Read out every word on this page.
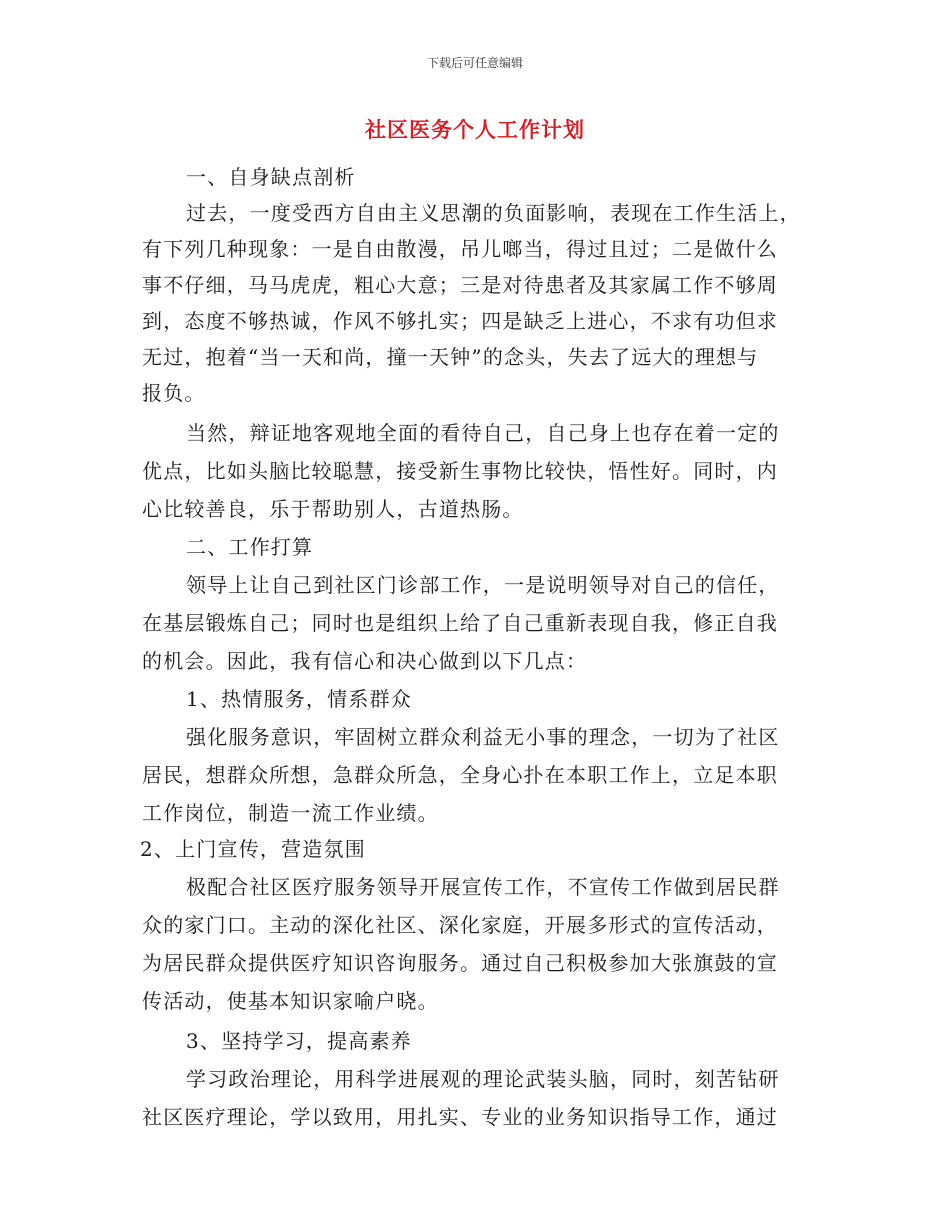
下载后可任意编辑
社区医务个人工作计划
一、自身缺点剖析
过去，一度受西方自由主义思潮的负面影响，表现在工作生活上，
有下列几种现象：一是自由散漫，吊儿啷当，得过且过；二是做什么
事不仔细，马马虎虎，粗心大意；三是对待患者及其家属工作不够周
到，态度不够热诚，作风不够扎实；四是缺乏上进心，不求有功但求
无过，抱着“当一天和尚，撞一天钟”的念头，失去了远大的理想与
报负。
当然，辩证地客观地全面的看待自己，自己身上也存在着一定的
优点，比如头脑比较聪慧，接受新生事物比较快，悟性好。同时，内
心比较善良，乐于帮助别人，古道热肠。
二、工作打算
领导上让自己到社区门诊部工作，一是说明领导对自己的信任，
在基层锻炼自己；同时也是组织上给了自己重新表现自我，修正自我
的机会。因此，我有信心和决心做到以下几点：
1、热情服务，情系群众
强化服务意识，牢固树立群众利益无小事的理念，一切为了社区
居民，想群众所想，急群众所急，全身心扑在本职工作上，立足本职
工作岗位，制造一流工作业绩。
2、上门宣传，营造氛围
极配合社区医疗服务领导开展宣传工作，不宣传工作做到居民群
众的家门口。主动的深化社区、深化家庭，开展多形式的宣传活动，
为居民群众提供医疗知识咨询服务。通过自己积极参加大张旗鼓的宣
传活动，使基本知识家喻户晓。
3、坚持学习，提高素养
学习政治理论，用科学进展观的理论武装头脑，同时，刻苦钻研
社区医疗理论，学以致用，用扎实、专业的业务知识指导工作，通过
